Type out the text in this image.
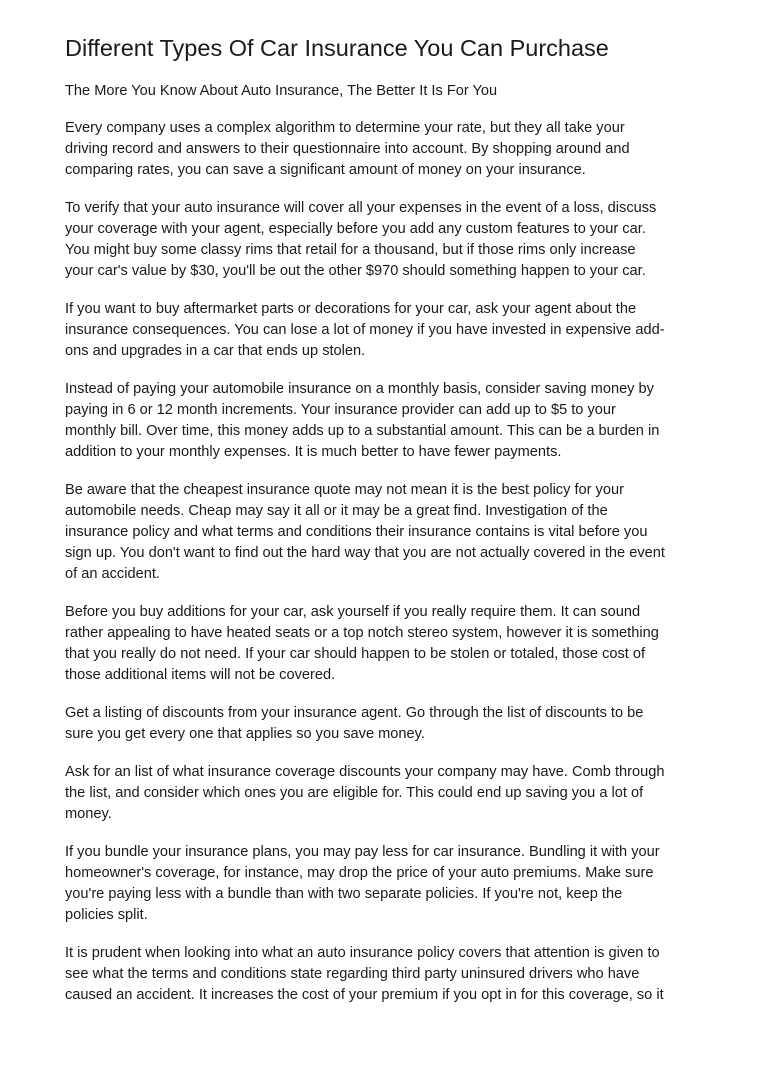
Different Types Of Car Insurance You Can Purchase
The More You Know About Auto Insurance, The Better It Is For You

Every company uses a complex algorithm to determine your rate, but they all take your
driving record and answers to their questionnaire into account. By shopping around and
comparing rates, you can save a significant amount of money on your insurance.

To verify that your auto insurance will cover all your expenses in the event of a loss, discuss
your coverage with your agent, especially before you add any custom features to your car.
You might buy some classy rims that retail for a thousand, but if those rims only increase
your car's value by $30, you'll be out the other $970 should something happen to your car.

If you want to buy aftermarket parts or decorations for your car, ask your agent about the
insurance consequences. You can lose a lot of money if you have invested in expensive add-
ons and upgrades in a car that ends up stolen.

Instead of paying your automobile insurance on a monthly basis, consider saving money by
paying in 6 or 12 month increments. Your insurance provider can add up to $5 to your
monthly bill. Over time, this money adds up to a substantial amount. This can be a burden in
addition to your monthly expenses. It is much better to have fewer payments.

Be aware that the cheapest insurance quote may not mean it is the best policy for your
automobile needs. Cheap may say it all or it may be a great find. Investigation of the
insurance policy and what terms and conditions their insurance contains is vital before you
sign up. You don't want to find out the hard way that you are not actually covered in the event
of an accident.

Before you buy additions for your car, ask yourself if you really require them. It can sound
rather appealing to have heated seats or a top notch stereo system, however it is something
that you really do not need. If your car should happen to be stolen or totaled, those cost of
those additional items will not be covered.

Get a listing of discounts from your insurance agent. Go through the list of discounts to be
sure you get every one that applies so you save money.

Ask for an list of what insurance coverage discounts your company may have. Comb through
the list, and consider which ones you are eligible for. This could end up saving you a lot of
money.

If you bundle your insurance plans, you may pay less for car insurance. Bundling it with your
homeowner's coverage, for instance, may drop the price of your auto premiums. Make sure
you're paying less with a bundle than with two separate policies. If you're not, keep the
policies split.

It is prudent when looking into what an auto insurance policy covers that attention is given to
see what the terms and conditions state regarding third party uninsured drivers who have
caused an accident. It increases the cost of your premium if you opt in for this coverage, so it
